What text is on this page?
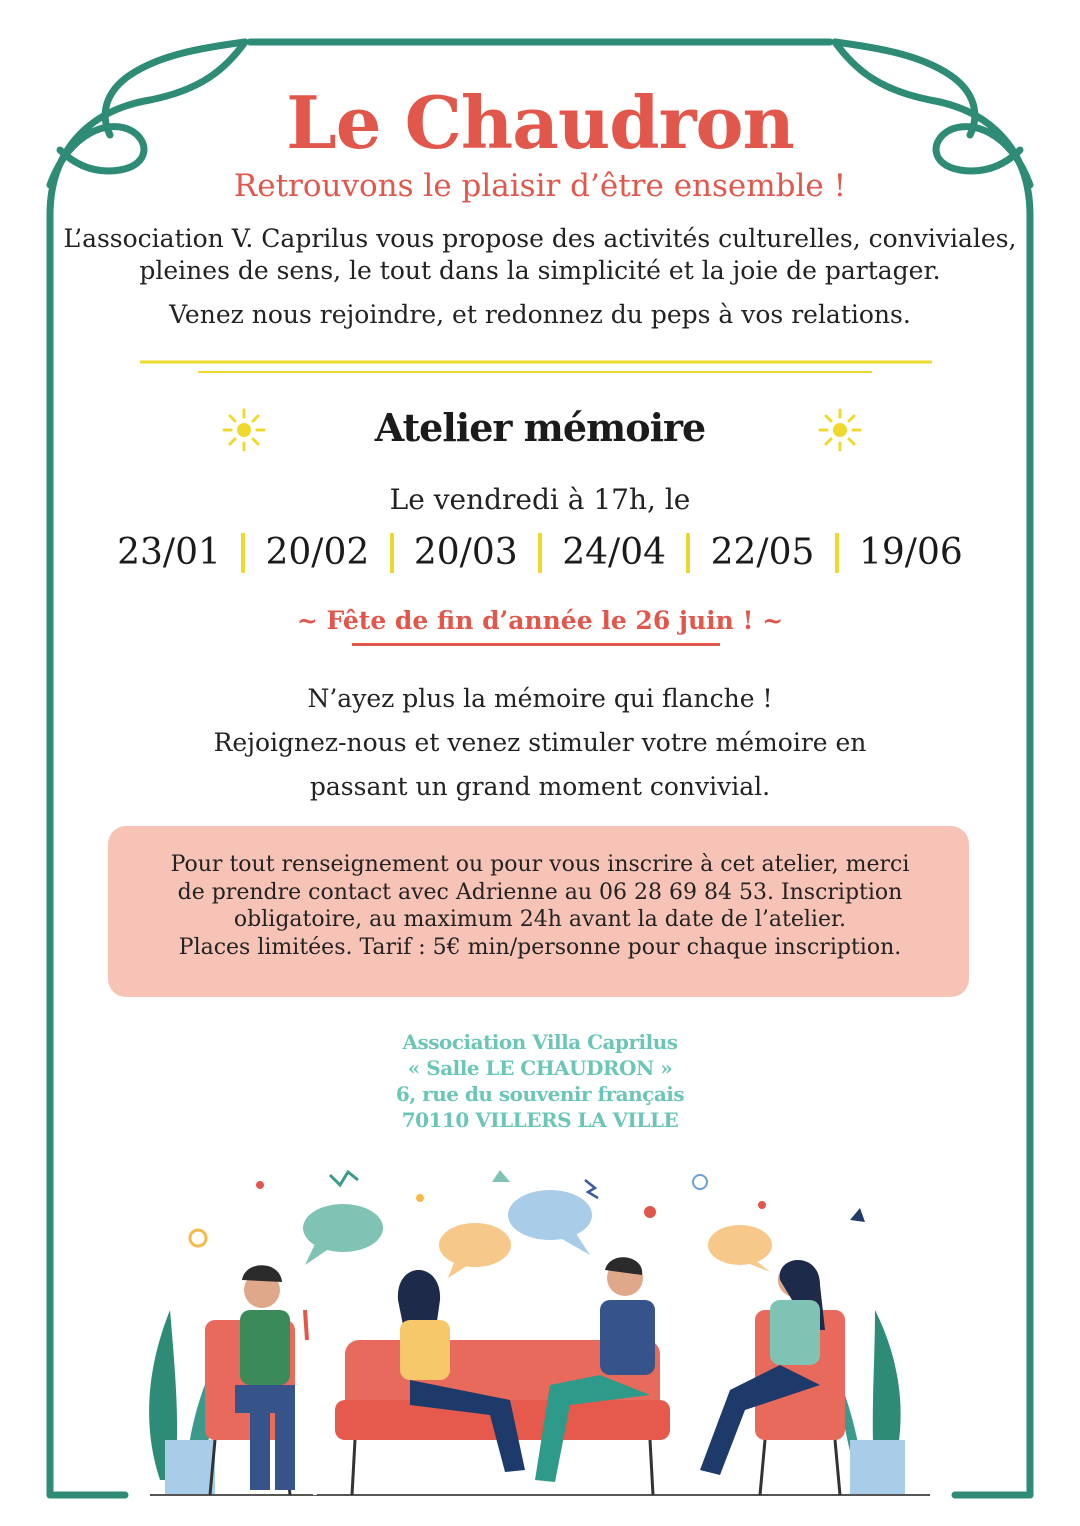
Le Chaudron
Retrouvons le plaisir d’être ensemble !
L’association V. Caprilus vous propose des activités culturelles, conviviales,
pleines de sens, le tout dans la simplicité et la joie de partager.
Venez nous rejoindre, et redonnez du peps à vos relations.
Atelier mémoire
Le vendredi à 17h, le
23/01	20/02	20/03	24/04	22/05	19/06
~ Fête de fin d’année le 26 juin ! ~
N’ayez plus la mémoire qui flanche !
Rejoignez-nous et venez stimuler votre mémoire en
passant un grand moment convivial.
Pour tout renseignement ou pour vous inscrire à cet atelier, merci
de prendre contact avec Adrienne au 06 28 69 84 53. Inscription
obligatoire, au maximum 24h avant la date de l’atelier.
Places limitées. Tarif : 5€ min/personne pour chaque inscription.
Association Villa Caprilus
« Salle LE CHAUDRON »
6, rue du souvenir français
70110 VILLERS LA VILLE
